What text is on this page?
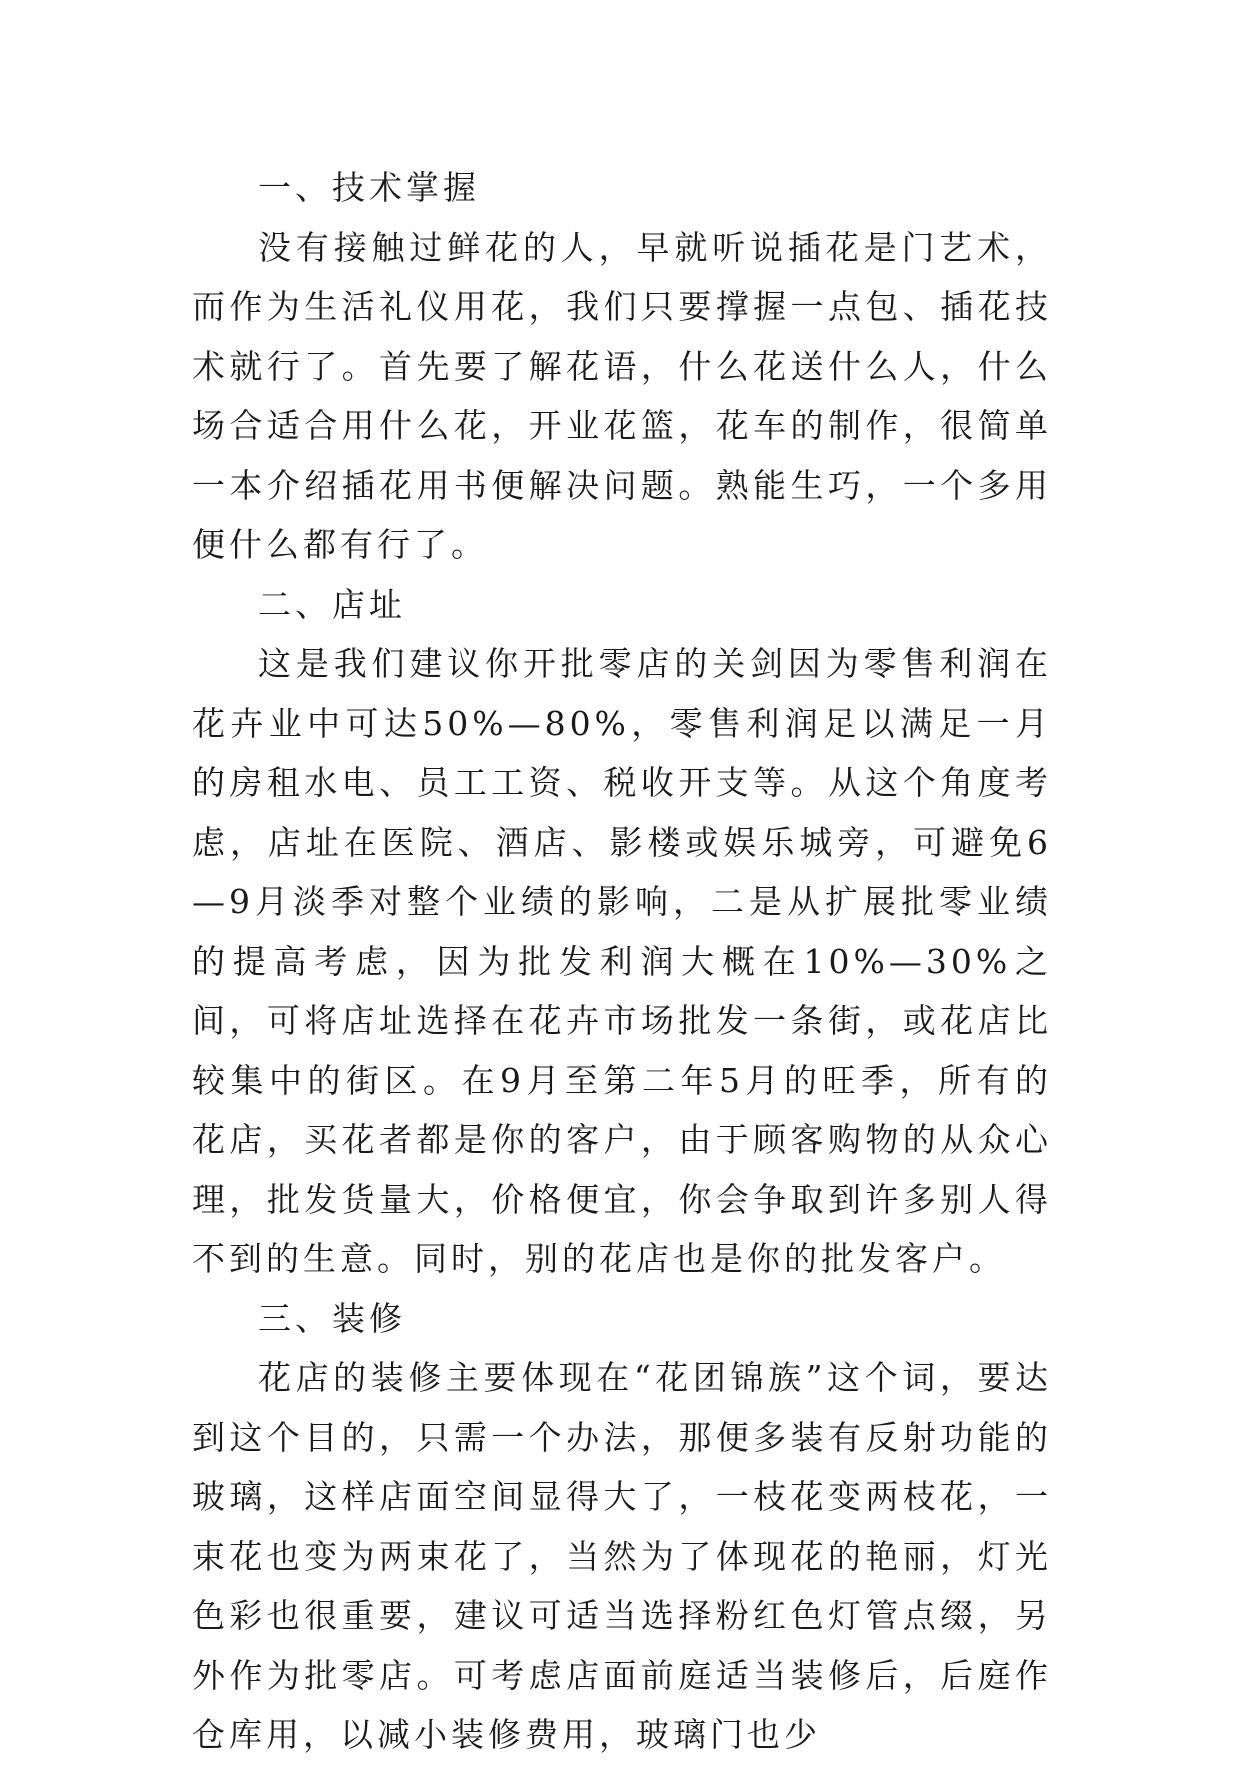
一、技术掌握

没有接触过鲜花的人，早就听说插花是门艺术，而作为生活礼仪用花，我们只要撑握一点包、插花技术就行了。首先要了解花语，什么花送什么人，什么场合适合用什么花，开业花篮，花车的制作，很简单一本介绍插花用书便解决问题。熟能生巧，一个多用便什么都有行了。

二、店址

这是我们建议你开批零店的关剑因为零售利润在花卉业中可达50%—80%，零售利润足以满足一月的房租水电、员工工资、税收开支等。从这个角度考虑，店址在医院、酒店、影楼或娱乐城旁，可避免6—9月淡季对整个业绩的影响，二是从扩展批零业绩的提高考虑，因为批发利润大概在10%—30%之间，可将店址选择在花卉市场批发一条街，或花店比较集中的街区。在9月至第二年5月的旺季，所有的花店，买花者都是你的客户，由于顾客购物的从众心理，批发货量大，价格便宜，你会争取到许多别人得不到的生意。同时，别的花店也是你的批发客户。

三、装修

花店的装修主要体现在“花团锦族”这个词，要达到这个目的，只需一个办法，那便多装有反射功能的玻璃，这样店面空间显得大了，一枝花变两枝花，一束花也变为两束花了，当然为了体现花的艳丽，灯光色彩也很重要，建议可适当选择粉红色灯管点缀，另外作为批零店。可考虑店面前庭适当装修后，后庭作仓库用，以减小装修费用，玻璃门也少
